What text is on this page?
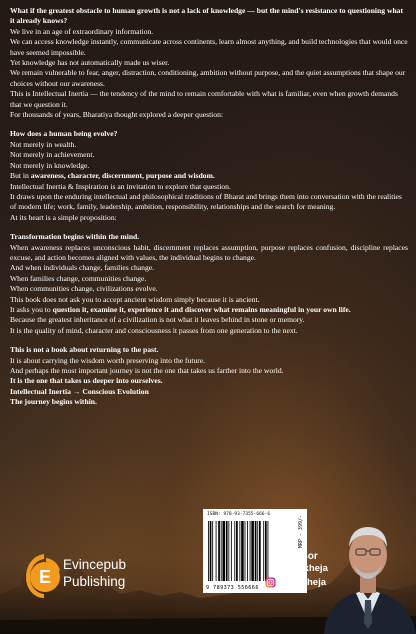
What if the greatest obstacle to human growth is not a lack of knowledge — but the mind's resistance to questioning what it already knows?

We live in an age of extraordinary information.

We can access knowledge instantly, communicate across continents, learn almost anything, and build technologies that would once have seemed impossible.

Yet knowledge has not automatically made us wiser.

We remain vulnerable to fear, anger, distraction, conditioning, ambition without purpose, and the quiet assumptions that shape our choices without our awareness.

This is Intellectual Inertia — the tendency of the mind to remain comfortable with what is familiar, even when growth demands that we question it.

For thousands of years, Bharatiya thought explored a deeper question:

How does a human being evolve?

Not merely in wealth.

Not merely in achievement.

Not merely in knowledge.

But in awareness, character, discernment, purpose and wisdom.

Intellectual Inertia & Inspiration is an invitation to explore that question.

It draws upon the enduring intellectual and philosophical traditions of Bharat and brings them into conversation with the realities of modern life; work, family, leadership, ambition, responsibility, relationships and the search for meaning.

At its heart is a simple proposition:

Transformation begins within the mind.

When awareness replaces unconscious habit, discernment replaces assumption, purpose replaces confusion, discipline replaces excuse, and action becomes aligned with values, the individual begins to change.

And when individuals change, families change.

When families change, communities change.

When communities change, civilizations evolve.

This book does not ask you to accept ancient wisdom simply because it is ancient.

It asks you to question it, examine it, experience it and discover what remains meaningful in your own life.

Because the greatest inheritance of a civilization is not what it leaves behind in stone or memory.

It is the quality of mind, character and consciousness it passes from one generation to the next.

This is not a book about returning to the past.

It is about carrying the wisdom worth preserving into the future.

And perhaps the most important journey is not the one that takes us farther into the world.

It is the one that takes us deeper into ourselves.

Intellectual Inertia → Conscious Evolution

The journey begins within.

ISBN: 978-93-7355-666-6
MRP - 399/-
9 789373 556666
E
Evincepub
Publishing
Author
Raj Sukheja
rajsukheja
